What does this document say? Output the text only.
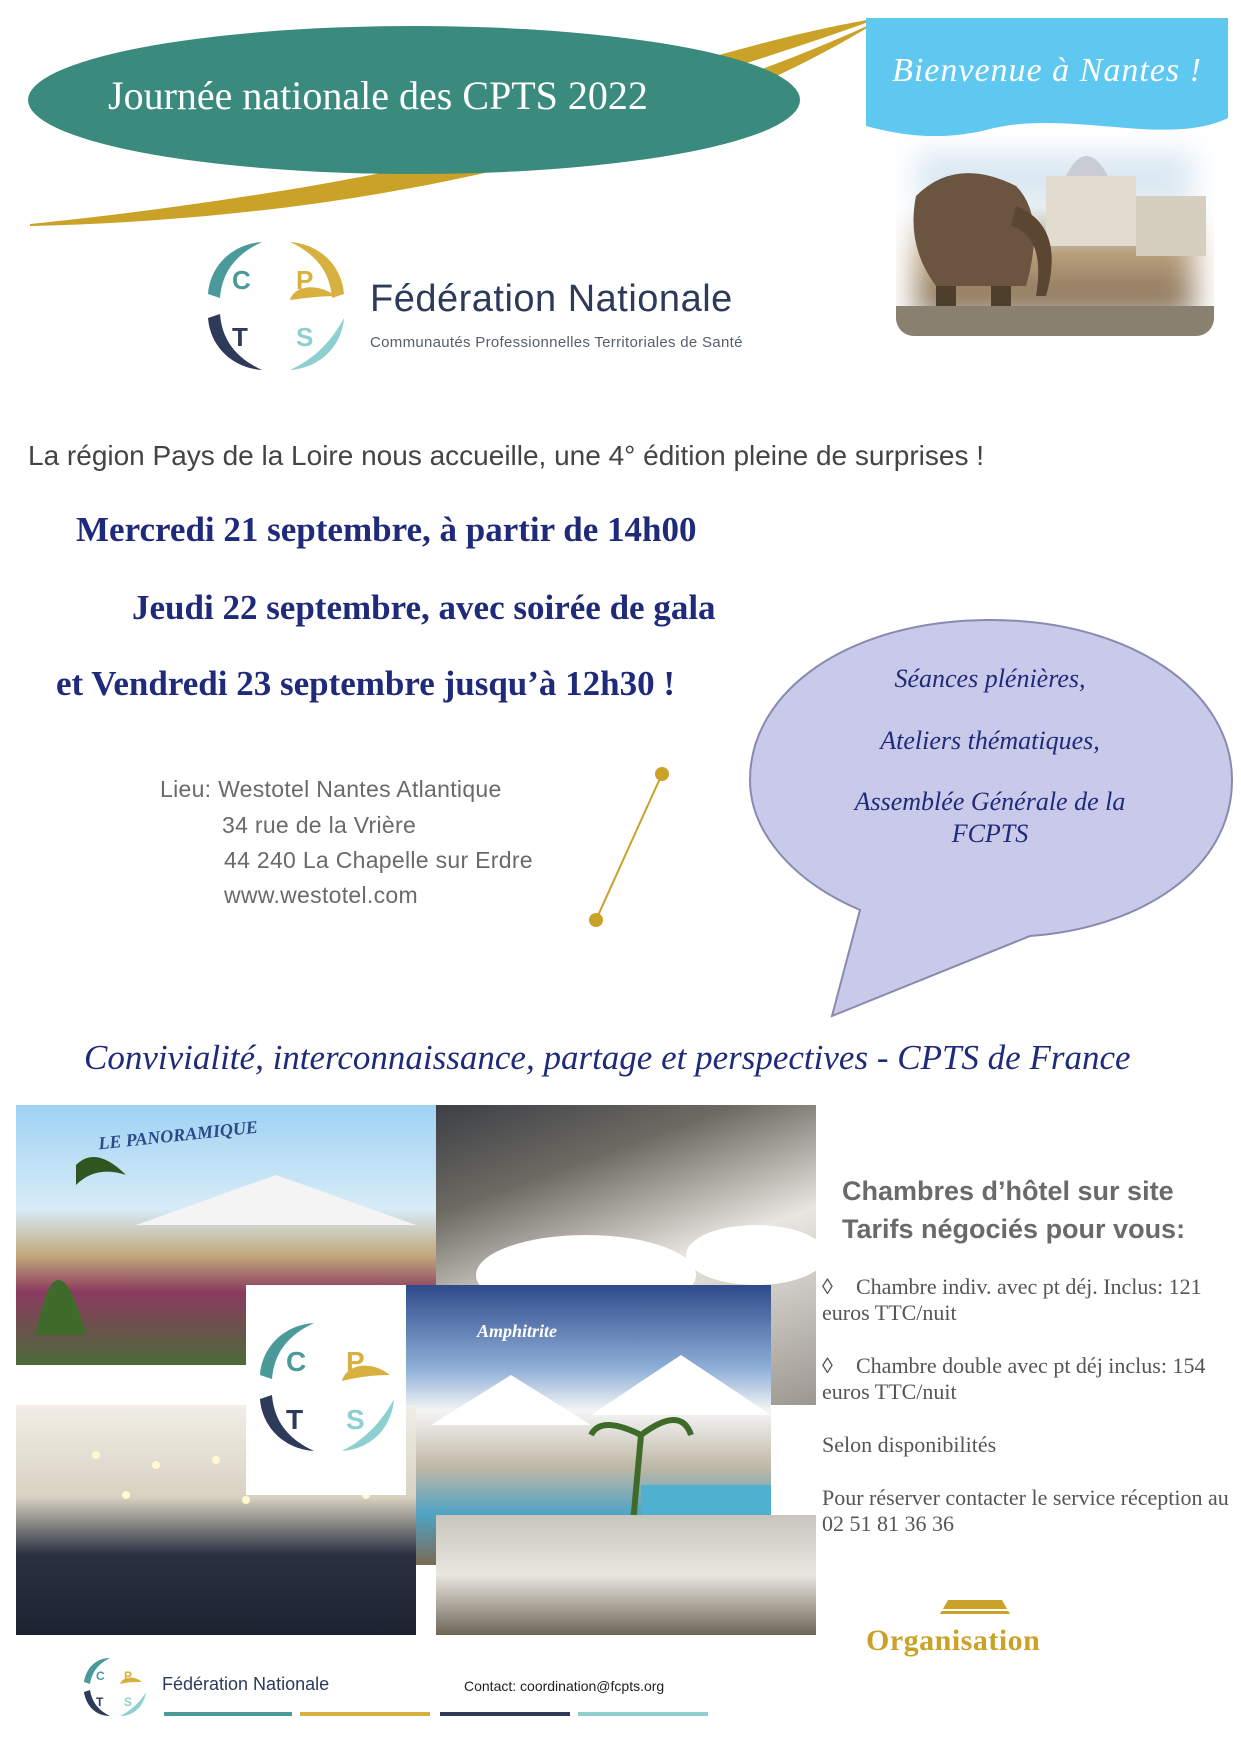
Journée nationale des CPTS 2022
Bienvenue à Nantes !
C P
T S
Fédération Nationale
Communautés Professionnelles Territoriales de Santé
La région Pays de la Loire nous accueille, une 4° édition pleine de surprises !
Mercredi 21 septembre, à partir de 14h00
Jeudi 22 septembre, avec soirée de gala
et Vendredi 23 septembre jusqu’à 12h30 !
Lieu: Westotel Nantes Atlantique
34 rue de la Vrière
44 240 La Chapelle sur Erdre
www.westotel.com
Séances plénières,
Ateliers thématiques,
Assemblée Générale de la FCPTS
Convivialité, interconnaissance, partage et perspectives - CPTS de France
LE PANORAMIQUE
Amphitrite
C P
T S
Chambres d’hôtel sur site
Tarifs négociés pour vous:
◊ Chambre indiv. avec pt déj. Inclus: 121 euros TTC/nuit
◊ Chambre double avec pt déj inclus: 154 euros TTC/nuit
Selon disponibilités
Pour réserver contacter le service réception au 02 51 81 36 36
Organisation
C P
T S
Fédération Nationale	Contact: coordination@fcpts.org
